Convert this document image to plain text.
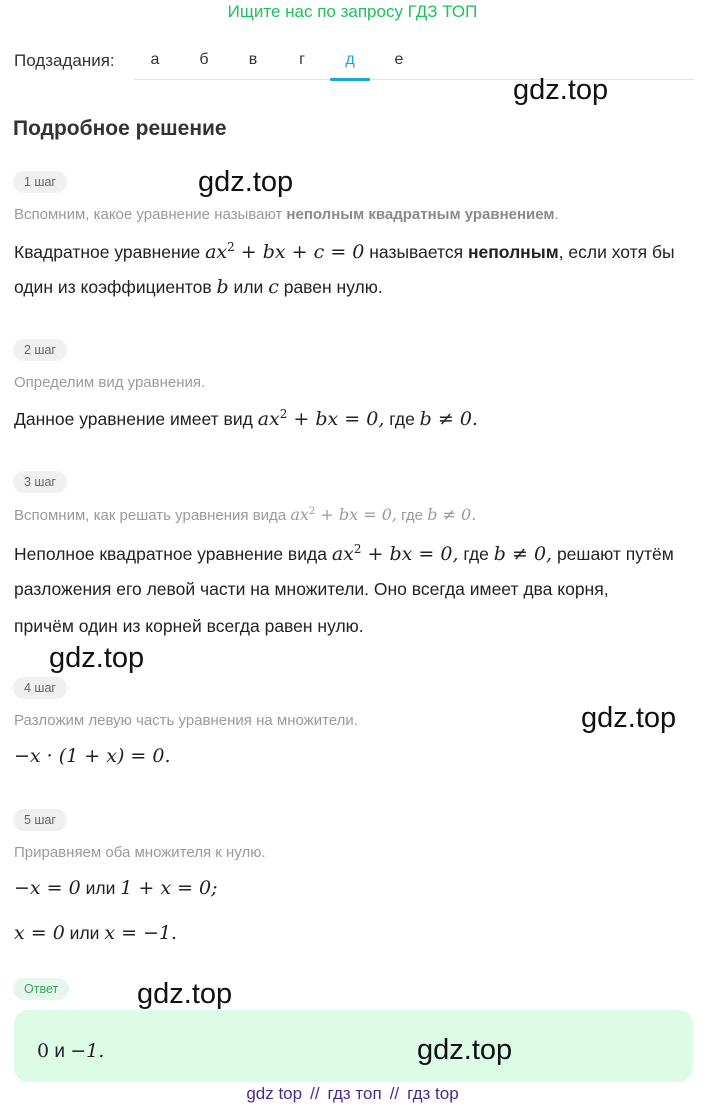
Ищите нас по запросу ГДЗ ТОП
Подзадания:	а	б	в	г	д	е
Подробное решение
1 шаг
Вспомним, какое уравнение называют неполным квадратным уравнением.
Квадратное уравнение $ax^2$ + bx + c = 0 называется неполным, если хотя бы
один из коэффициентов b или c равен нулю.
2 шаг
Определим вид уравнения.
Данное уравнение имеет вид $ax^2$ + bx = 0, где b ≠ 0.
3 шаг
Вспомним, как решать уравнения вида $ax^2$ + bx = 0, где b ≠ 0.
Неполное квадратное уравнение вида $ax^2$ + bx = 0, где b ≠ 0, решают путём
разложения его левой части на множители. Оно всегда имеет два корня,
причём один из корней всегда равен нулю.
4 шаг
Разложим левую часть уравнения на множители.
−x · (1 + x) = 0.
5 шаг
Приравняем оба множителя к нулю.
−x = 0 или 1 + x = 0;
x = 0 или x = −1.
Ответ
0 и −1.
gdz.top
gdz.top
gdz.top
gdz.top
gdz.top
gdz.top
gdz top // гдз топ // гдз top
